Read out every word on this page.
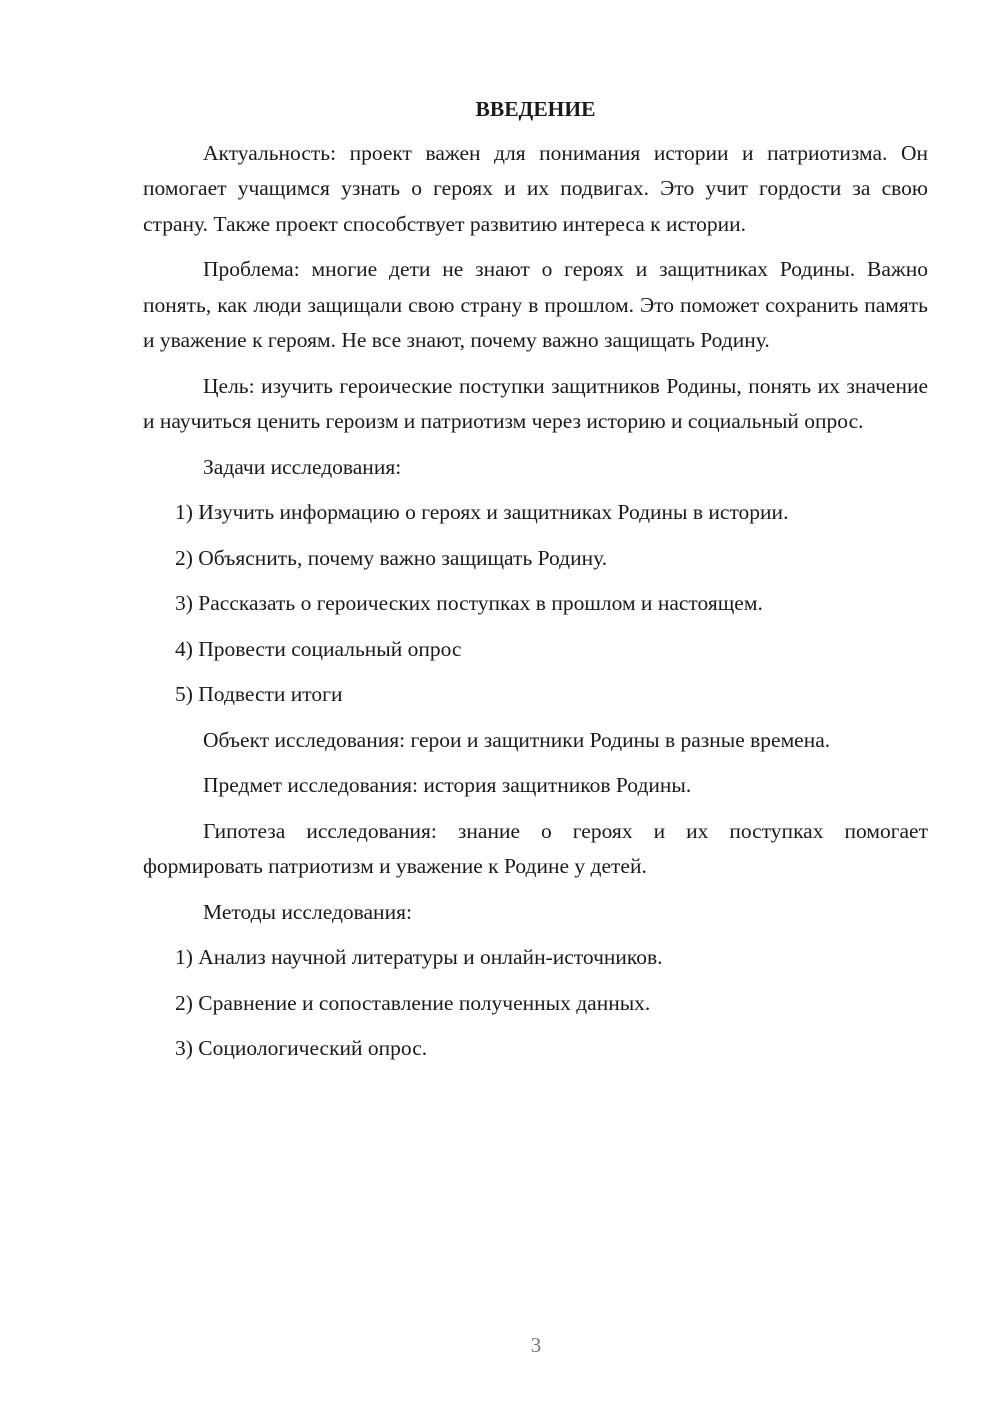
ВВЕДЕНИЕ

Актуальность: проект важен для понимания истории и патриотизма. Он помогает учащимся узнать о героях и их подвигах. Это учит гордости за свою страну. Также проект способствует развитию интереса к истории.

Проблема: многие дети не знают о героях и защитниках Родины. Важно понять, как люди защищали свою страну в прошлом. Это поможет сохранить память и уважение к героям. Не все знают, почему важно защищать Родину.

Цель: изучить героические поступки защитников Родины, понять их значение и научиться ценить героизм и патриотизм через историю и социальный опрос.

Задачи исследования:
1) Изучить информацию о героях и защитниках Родины в истории.
2) Объяснить, почему важно защищать Родину.
3) Рассказать о героических поступках в прошлом и настоящем.
4) Провести социальный опрос
5) Подвести итоги
Объект исследования: герои и защитники Родины в разные времена.
Предмет исследования: история защитников Родины.

Гипотеза исследования: знание о героях и их поступках помогает формировать патриотизм и уважение к Родине у детей.

Методы исследования:
1) Анализ научной литературы и онлайн-источников.
2) Сравнение и сопоставление полученных данных.
3) Социологический опрос.
3
